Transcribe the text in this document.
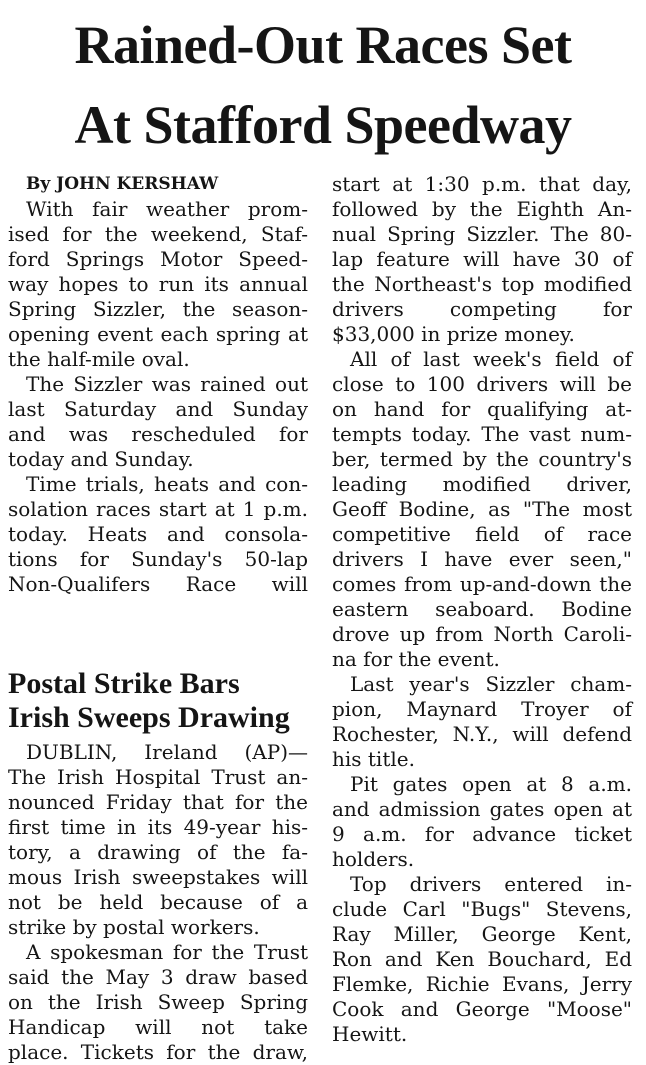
Rained-Out Races Set
At Stafford Speedway
By JOHN KERSHAW
With fair weather prom-
ised for the weekend, Staf-
ford Springs Motor Speed-
way hopes to run its annual
Spring Sizzler, the season-
opening event each spring at
the half-mile oval.
The Sizzler was rained out
last Saturday and Sunday
and was rescheduled for
today and Sunday.
Time trials, heats and con-
solation races start at 1 p.m.
today. Heats and consola-
tions for Sunday's 50-lap
Non-Qualifers Race will
Postal Strike Bars
Irish Sweeps Drawing
DUBLIN, Ireland (AP)—
The Irish Hospital Trust an-
nounced Friday that for the
first time in its 49-year his-
tory, a drawing of the fa-
mous Irish sweepstakes will
not be held because of a
strike by postal workers.
A spokesman for the Trust
said the May 3 draw based
on the Irish Sweep Spring
Handicap will not take
place. Tickets for the draw,
start at 1:30 p.m. that day,
followed by the Eighth An-
nual Spring Sizzler. The 80-
lap feature will have 30 of
the Northeast's top modified
drivers competing for
$33,000 in prize money.
All of last week's field of
close to 100 drivers will be
on hand for qualifying at-
tempts today. The vast num-
ber, termed by the country's
leading modified driver,
Geoff Bodine, as "The most
competitive field of race
drivers I have ever seen,"
comes from up-and-down the
eastern seaboard. Bodine
drove up from North Caroli-
na for the event.
Last year's Sizzler cham-
pion, Maynard Troyer of
Rochester, N.Y., will defend
his title.
Pit gates open at 8 a.m.
and admission gates open at
9 a.m. for advance ticket
holders.
Top drivers entered in-
clude Carl "Bugs" Stevens,
Ray Miller, George Kent,
Ron and Ken Bouchard, Ed
Flemke, Richie Evans, Jerry
Cook and George "Moose"
Hewitt.
